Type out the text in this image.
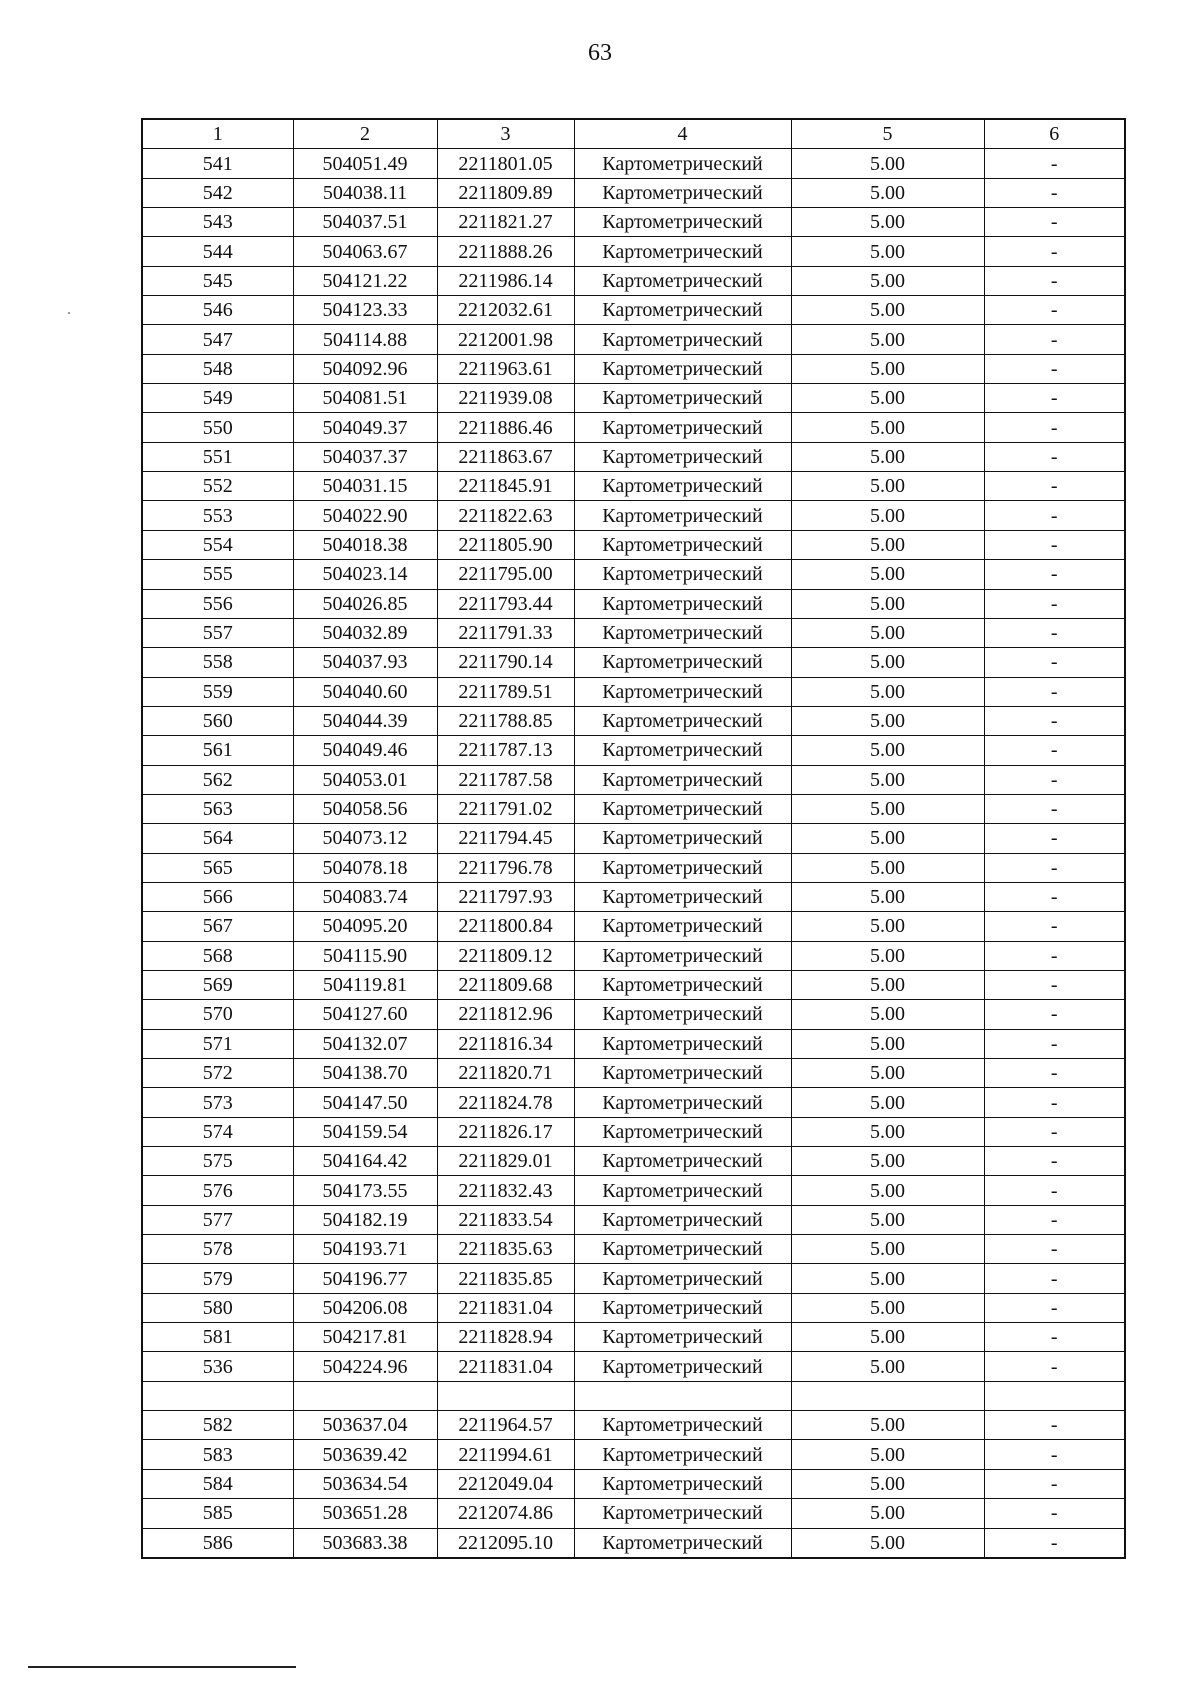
63
1	2	3	4	5	6
541	504051.49	2211801.05	Картометрический	5.00	-
542	504038.11	2211809.89	Картометрический	5.00	-
543	504037.51	2211821.27	Картометрический	5.00	-
544	504063.67	2211888.26	Картометрический	5.00	-
545	504121.22	2211986.14	Картометрический	5.00	-
546	504123.33	2212032.61	Картометрический	5.00	-
547	504114.88	2212001.98	Картометрический	5.00	-
548	504092.96	2211963.61	Картометрический	5.00	-
549	504081.51	2211939.08	Картометрический	5.00	-
550	504049.37	2211886.46	Картометрический	5.00	-
551	504037.37	2211863.67	Картометрический	5.00	-
552	504031.15	2211845.91	Картометрический	5.00	-
553	504022.90	2211822.63	Картометрический	5.00	-
554	504018.38	2211805.90	Картометрический	5.00	-
555	504023.14	2211795.00	Картометрический	5.00	-
556	504026.85	2211793.44	Картометрический	5.00	-
557	504032.89	2211791.33	Картометрический	5.00	-
558	504037.93	2211790.14	Картометрический	5.00	-
559	504040.60	2211789.51	Картометрический	5.00	-
560	504044.39	2211788.85	Картометрический	5.00	-
561	504049.46	2211787.13	Картометрический	5.00	-
562	504053.01	2211787.58	Картометрический	5.00	-
563	504058.56	2211791.02	Картометрический	5.00	-
564	504073.12	2211794.45	Картометрический	5.00	-
565	504078.18	2211796.78	Картометрический	5.00	-
566	504083.74	2211797.93	Картометрический	5.00	-
567	504095.20	2211800.84	Картометрический	5.00	-
568	504115.90	2211809.12	Картометрический	5.00	-
569	504119.81	2211809.68	Картометрический	5.00	-
570	504127.60	2211812.96	Картометрический	5.00	-
571	504132.07	2211816.34	Картометрический	5.00	-
572	504138.70	2211820.71	Картометрический	5.00	-
573	504147.50	2211824.78	Картометрический	5.00	-
574	504159.54	2211826.17	Картометрический	5.00	-
575	504164.42	2211829.01	Картометрический	5.00	-
576	504173.55	2211832.43	Картометрический	5.00	-
577	504182.19	2211833.54	Картометрический	5.00	-
578	504193.71	2211835.63	Картометрический	5.00	-
579	504196.77	2211835.85	Картометрический	5.00	-
580	504206.08	2211831.04	Картометрический	5.00	-
581	504217.81	2211828.94	Картометрический	5.00	-
536	504224.96	2211831.04	Картометрический	5.00	-

582	503637.04	2211964.57	Картометрический	5.00	-
583	503639.42	2211994.61	Картометрический	5.00	-
584	503634.54	2212049.04	Картометрический	5.00	-
585	503651.28	2212074.86	Картометрический	5.00	-
586	503683.38	2212095.10	Картометрический	5.00	-
